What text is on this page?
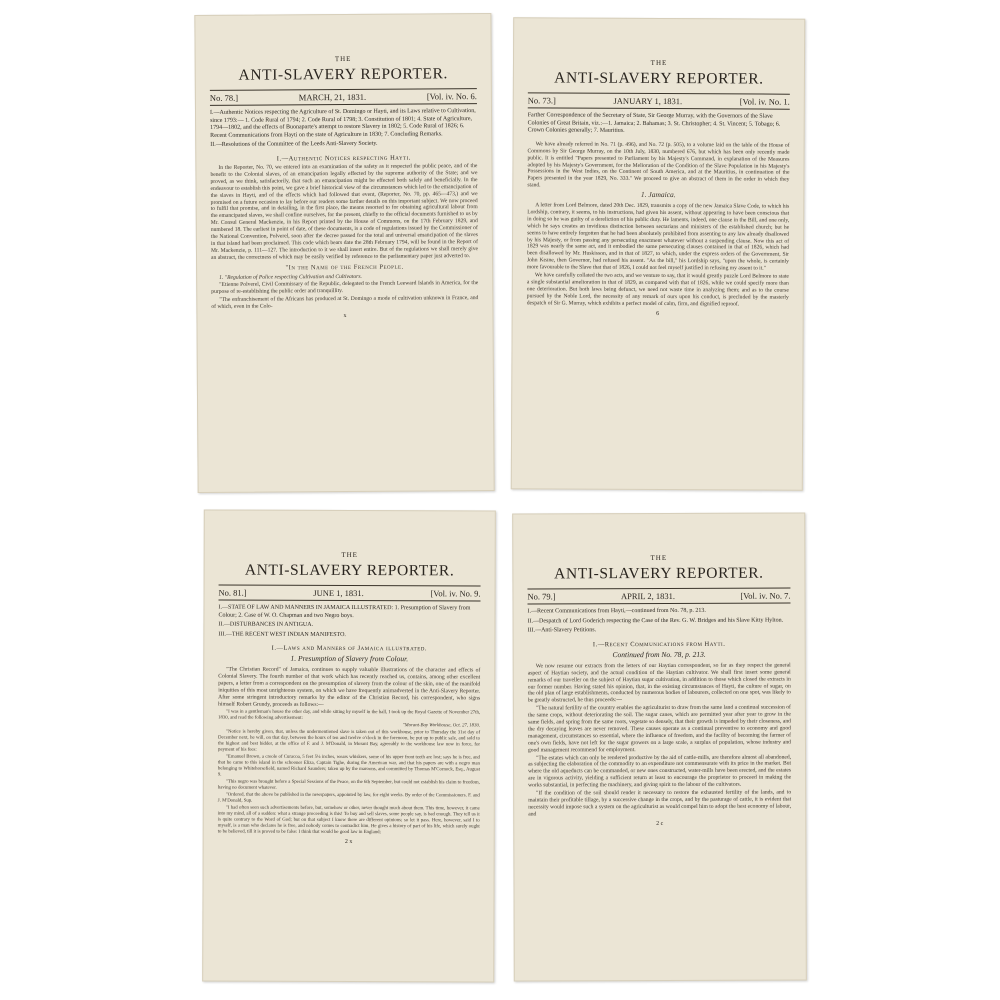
THE
ANTI-SLAVERY REPORTER.
No. 78.]	MARCH, 21, 1831.	[Vol. iv. No. 6.
I.—Authentic Notices respecting the Agriculture of St. Domingo or Hayti, and its Laws relative to Cultivation, since 1793:— 1. Code Rural of 1794; 2. Code Rural of 1798; 3. Constitution of 1801; 4. State of Agriculture, 1794—1802, and the effects of Buonaparte's attempt to restore Slavery in 1802; 5. Code Rural of 1826; 6. Recent Communications from Hayti on the state of Agriculture in 1830; 7. Concluding Remarks.
II.—Resolutions of the Committee of the Leeds Anti-Slavery Society.
I.—Authentic Notices respecting Hayti.

In the Reporter, No. 70, we entered into an examination of the safety as it respected the public peace, and of the benefit to the Colonial slaves, of an emancipation legally effected by the supreme authority of the State; and we proved, as we think, satisfactorily, that such an emancipation might be effected both safely and beneficially. In the endeavour to establish this point, we gave a brief historical view of the circumstances which led to the emancipation of the slaves in Hayti, and of the effects which had followed that event, (Reporter, No. 70, pp. 465—473,) and we promised on a future occasion to lay before our readers some farther details on this important subject. We now proceed to fulfil that promise, and in detailing, in the first place, the means resorted to for obtaining agricultural labour from the emancipated slaves, we shall confine ourselves, for the present, chiefly to the official documents furnished to us by Mr. Consul General Mackenzie, in his Report printed by the House of Commons, on the 17th February 1829, and numbered 18. The earliest in point of date, of these documents, is a code of regulations issued by the Commissioner of the National Convention, Polverel, soon after the decree passed for the total and universal emancipation of the slaves in that island had been proclaimed. This code which bears date the 28th February 1794, will be found in the Report of Mr. Mackenzie, p. 111—127. The introduction to it we shall insert entire. But of the regulations we shall merely give an abstract, the correctness of which may be easily verified by reference to the parliamentary paper just adverted to.

"In the Name of the French People.

1. "Regulation of Police respecting Cultivation and Cultivators.

"Etienne Polverel, Civil Commissary of the Republic, delegated to the French Leeward Islands in America, for the purpose of re-establishing the public order and tranquillity.

"The enfranchisement of the Africans has produced at St. Domingo a mode of cultivation unknown in France, and of which, even in the Colo-

x
THE
ANTI-SLAVERY REPORTER.
No. 73.]	JANUARY 1, 1831.	[Vol. iv. No. 1.
Farther Correspondence of the Secretary of State, Sir George Murray, with the Governors of the Slave Colonies of Great Britain, viz.:—1. Jamaica; 2. Bahamas; 3. St. Christopher; 4. St. Vincent; 5. Tobago; 6. Crown Colonies generally; 7. Mauritius.

We have already referred in No. 71 (p. 496), and No. 72 (p. 505), to a volume laid on the table of the House of Commons by Sir George Murray, on the 10th July, 1830, numbered 676, but which has been only recently made public. It is entitled "Papers presented to Parliament by his Majesty's Command, in explanation of the Measures adopted by his Majesty's Government, for the Melioration of the Condition of the Slave Population in his Majesty's Possessions in the West Indies, on the Continent of South America, and at the Mauritius, in continuation of the Papers presented in the year 1829, No. 333." We proceed to give an abstract of them in the order in which they stand.

1. Jamaica.

A letter from Lord Belmore, dated 20th Dec. 1829, transmits a copy of the new Jamaica Slave Code, to which his Lordship, contrary, it seems, to his instructions, had given his assent, without appearing to have been conscious that in doing so he was guilty of a dereliction of his public duty. He laments, indeed, one clause in the Bill, and one only, which he says creates an invidious distinction between sectarians and ministers of the established church; but he seems to have entirely forgotten that he had been absolutely prohibited from assenting to any law already disallowed by his Majesty, or from passing any persecuting enactment whatever without a suspending clause. Now this act of 1829 was nearly the same act, and it embodied the same persecuting clauses contained in that of 1826, which had been disallowed by Mr. Huskisson, and in that of 1827, to which, under the express orders of the Government, Sir John Keane, then Governor, had refused his assent. "As the bill," his Lordship says, "upon the whole, is certainly more favourable to the Slave that that of 1826, I could not feel myself justified in refusing my assent to it."

We have carefully collated the two acts, and we venture to say, that it would greatly puzzle Lord Belmore to state a single substantial amelioration in that of 1829, as compared with that of 1826, while we could specify more than one deterioration. But both laws being defunct, we need not waste time in analyzing them; and as to the course pursued by the Noble Lord, the necessity of any remark of ours upon his conduct, is precluded by the masterly despatch of Sir G. Murray, which exhibits a perfect model of calm, firm, and dignified reproof.

6
THE
ANTI-SLAVERY REPORTER.
No. 81.]	JUNE 1, 1831.	[Vol. iv. No. 9.
I.—STATE OF LAW AND MANNERS IN JAMAICA ILLUSTRATED: 1. Presumption of Slavery from Colour; 2. Case of W. O. Chapman and two Negro boys.
II.—DISTURBANCES IN ANTIGUA.
III.—THE RECENT WEST INDIAN MANIFESTO.
I.—Laws and Manners of Jamaica illustrated.
1. Presumption of Slavery from Colour.

"The Christian Record" of Jamaica, continues to supply valuable illustrations of the character and effects of Colonial Slavery. The fourth number of that work which has recently reached us, contains, among other excellent papers, a letter from a correspondent on the presumption of slavery from the colour of the skin, one of the manifold iniquities of this most unrighteous system, on which we have frequently animadverted in the Anti-Slavery Reporter. After some stringent introductory remarks by the editor of the Christian Record, his correspondent, who signs himself Robert Grundy, proceeds as follows:—

"I was in a gentleman's house the other day, and while sitting by myself in the hall, I took up the Royal Gazette of November 27th, 1830, and read the following advertisement:

"Morant-Bay Workhouse, Oct. 27, 1830.

"Notice is hereby given, that, unless the undermentioned slave is taken out of this workhouse, prior to Thursday the 31st day of December next, he will, on that day, between the hours of ten and twelve o'clock in the forenoon, be put up to public sale, and sold to the highest and best bidder, at the office of F. and J. M'Donald, in Morant Bay, agreeably to the workhouse law now in force, for payment of his fees:

"Emanuel Brown, a creole of Curacoa, 5 feet 5¼ inches, wears whiskers, some of his upper front teeth are lost; says he is free, and that he came to this island in the schooner Eliza, Captain Tighe, during the American war, and that his papers are with a negro man belonging to Whitehorsefield, named Richard Saunders; taken up by the maroons, and committed by Thomas M'Cornock, Esq., August 9.

"This negro was brought before a Special Sessions of the Peace, on the 6th September, but could not establish his claim to freedom, having no document whatever.

"Ordered, that the above be published in the newspapers, appointed by law, for eight weeks. By order of the Commissioners. F. and J. M'Donald, Sup.

"I had often seen such advertisements before, but, somehow or other, never thought much about them. This time, however, it came into my mind, all of a sudden: what a strange proceeding is this! To buy and sell slaves, some people say, is bad enough. They tell us it is quite contrary to the Word of God; but on that subject I know there are different opinions; so let it pass. Here, however, said I to myself, is a man who declares he is free, and nobody comes to contradict him. He gives a history of part of his life, which surely ought to be believed, till it is proved to be false: I think that would be good law in England;

2 x
THE
ANTI-SLAVERY REPORTER.
No. 79.]	APRIL 2, 1831.	[Vol. iv. No. 7.
I.—Recent Communications from Hayti,—continued from No. 78, p. 213.
II.—Despatch of Lord Goderich respecting the Case of the Rev. G. W. Bridges and his Slave Kitty Hylton.
III.—Anti-Slavery Petitions.
I.—Recent Communications from Hayti.
Continued from No. 78, p. 213.

We now resume our extracts from the letters of our Haytian correspondent, so far as they respect the general aspect of Haytian society, and the actual condition of the Haytian cultivator. We shall first insert some general remarks of our traveller on the subject of Haytian sugar cultivation, in addition to those which closed the extracts in our former number. Having stated his opinion, that, in the existing circumstances of Hayti, the culture of sugar, on the old plan of large establishments, conducted by numerous bodies of labourers, collected on one spot, was likely to be greatly obstructed, he thus proceeds:—

"The natural fertility of the country enables the agriculturist to draw from the same land a continual succession of the same crops, without deteriorating the soil. The sugar canes, which are permitted year after year to grow in the same fields, and spring from the same roots, vegetate so densely, that their growth is impeded by their closeness, and the dry decaying leaves are never removed. These causes operate as a continual preventive to economy and good management, circumstances so essential, where the influence of freedom, and the facility of becoming the farmer of one's own fields, have not left for the sugar growers on a large scale, a surplus of population, whose industry and good management recommend for employment.

"The estates which can only be rendered productive by the aid of cattle-mills, are therefore almost all abandoned, as subjecting the elaboration of the commodity to an expenditure not commensurate with its price in the market. But where the old aqueducts can be commanded, or new ones constructed, water-mills have been erected, and the estates are in vigorous activity, yielding a sufficient return at least to encourage the proprietor to proceed in making the works substantial, in perfecting the machinery, and giving spirit to the labour of the cultivators.

"If the condition of the soil should render it necessary to restore the exhausted fertility of the lands, and to maintain their profitable tillage, by a successive change in the crops, and by the pasturage of cattle, it is evident that necessity would impose such a system on the agriculturist as would compel him to adopt the best economy of labour, and

2 c
